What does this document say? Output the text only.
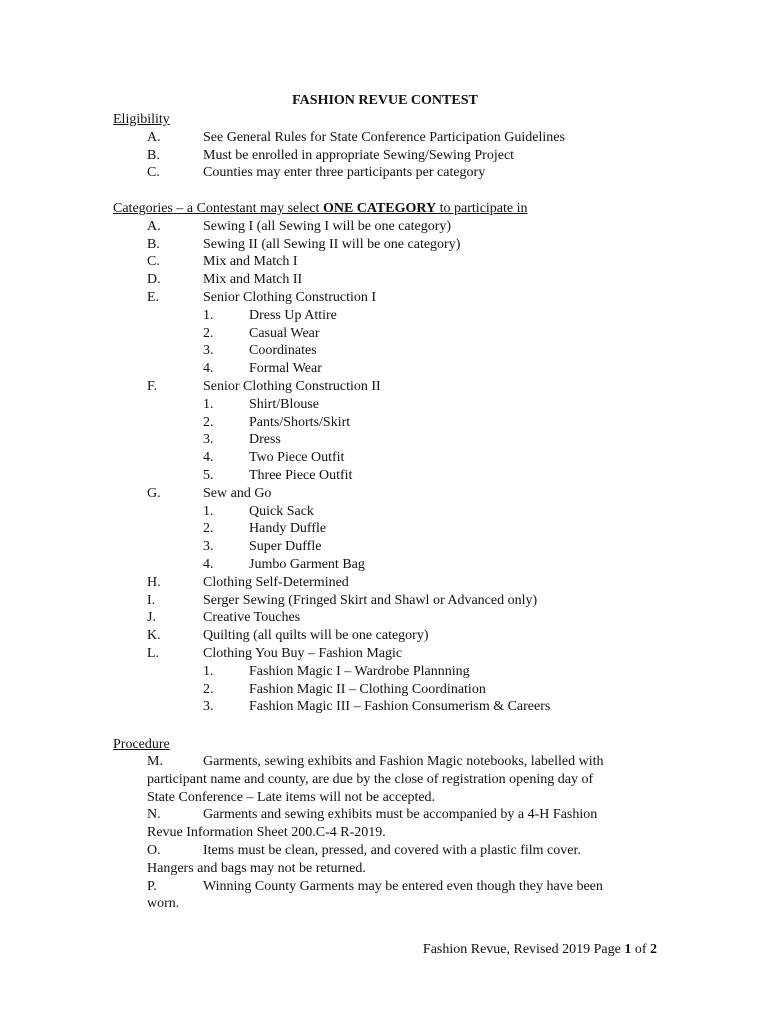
FASHION REVUE CONTEST
Eligibility
A.	See General Rules for State Conference Participation Guidelines
B.	Must be enrolled in appropriate Sewing/Sewing Project
C.	Counties may enter three participants per category
Categories – a Contestant may select ONE CATEGORY to participate in
A.	Sewing I (all Sewing I will be one category)
B.	Sewing II (all Sewing II will be one category)
C.	Mix and Match I
D.	Mix and Match II
E.	Senior Clothing Construction I
1.	Dress Up Attire
2.	Casual Wear
3.	Coordinates
4.	Formal Wear
F.	Senior Clothing Construction II
1.	Shirt/Blouse
2.	Pants/Shorts/Skirt
3.	Dress
4.	Two Piece Outfit
5.	Three Piece Outfit
G.	Sew and Go
1.	Quick Sack
2.	Handy Duffle
3.	Super Duffle
4.	Jumbo Garment Bag
H.	Clothing Self-Determined
I.	Serger Sewing (Fringed Skirt and Shawl or Advanced only)
J.	Creative Touches
K.	Quilting (all quilts will be one category)
L.	Clothing You Buy – Fashion Magic
1.	Fashion Magic I – Wardrobe Plannning
2.	Fashion Magic II – Clothing Coordination
3.	Fashion Magic III – Fashion Consumerism & Careers
Procedure
M.	Garments, sewing exhibits and Fashion Magic notebooks, labelled with
participant name and county, are due by the close of registration opening day of
State Conference – Late items will not be accepted.
N.	Garments and sewing exhibits must be accompanied by a 4-H Fashion
Revue Information Sheet 200.C-4 R-2019.
O.	Items must be clean, pressed, and covered with a plastic film cover.
Hangers and bags may not be returned.
P.	Winning County Garments may be entered even though they have been
worn.
Fashion Revue, Revised 2019 Page 1 of 2
